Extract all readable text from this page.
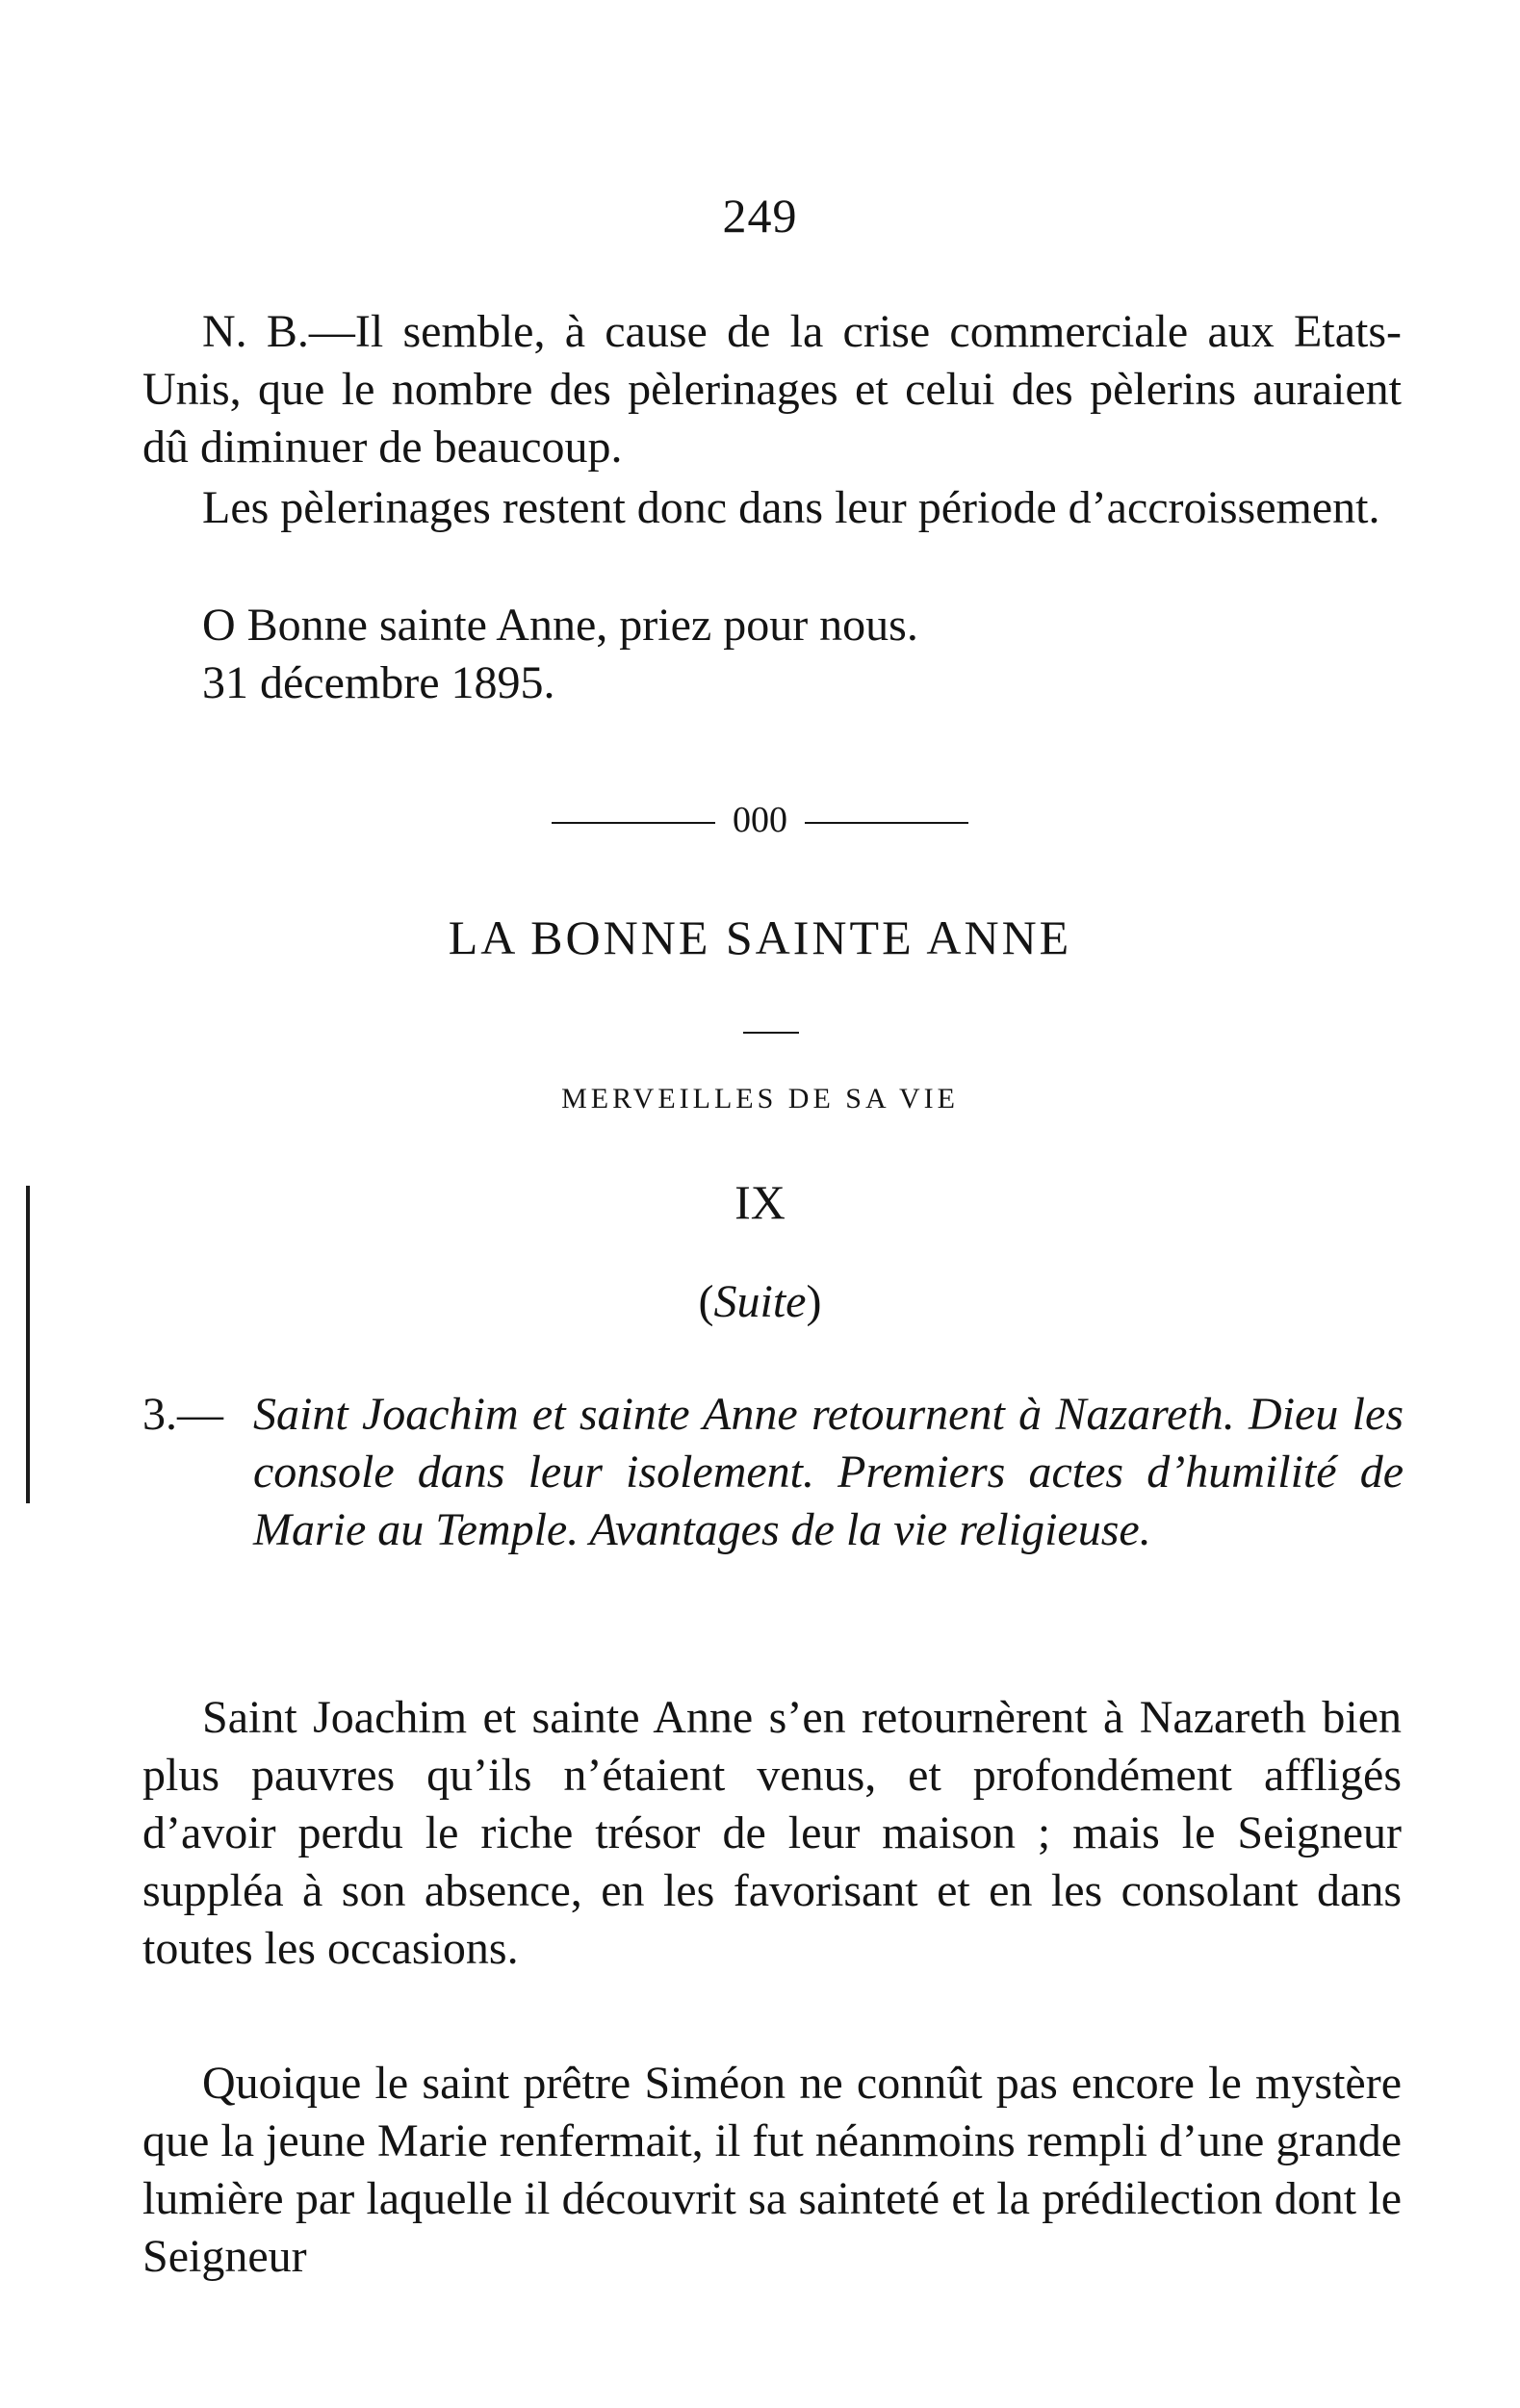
249

N. B.—Il semble, à cause de la crise commerciale aux Etats-Unis, que le nombre des pèlerinages et celui des pèlerins auraient dû diminuer de beaucoup.

Les pèlerinages restent donc dans leur période d’accroissement.

O Bonne sainte Anne, priez pour nous.
31 décembre 1895.
000
LA BONNE SAINTE ANNE
MERVEILLES DE SA VIE
IX
(Suite)
3.— Saint Joachim et sainte Anne retournent à Nazareth. Dieu les console dans leur isolement. Premiers actes d’humilité de Marie au Temple. Avantages de la vie religieuse.

Saint Joachim et sainte Anne s’en retournèrent à Nazareth bien plus pauvres qu’ils n’étaient venus, et profondément affligés d’avoir perdu le riche trésor de leur maison ; mais le Seigneur suppléa à son absence, en les favorisant et en les consolant dans toutes les occasions.

Quoique le saint prêtre Siméon ne connût pas encore le mystère que la jeune Marie renfermait, il fut néanmoins rempli d’une grande lumière par laquelle il découvrit sa sainteté et la prédilection dont le Seigneur
